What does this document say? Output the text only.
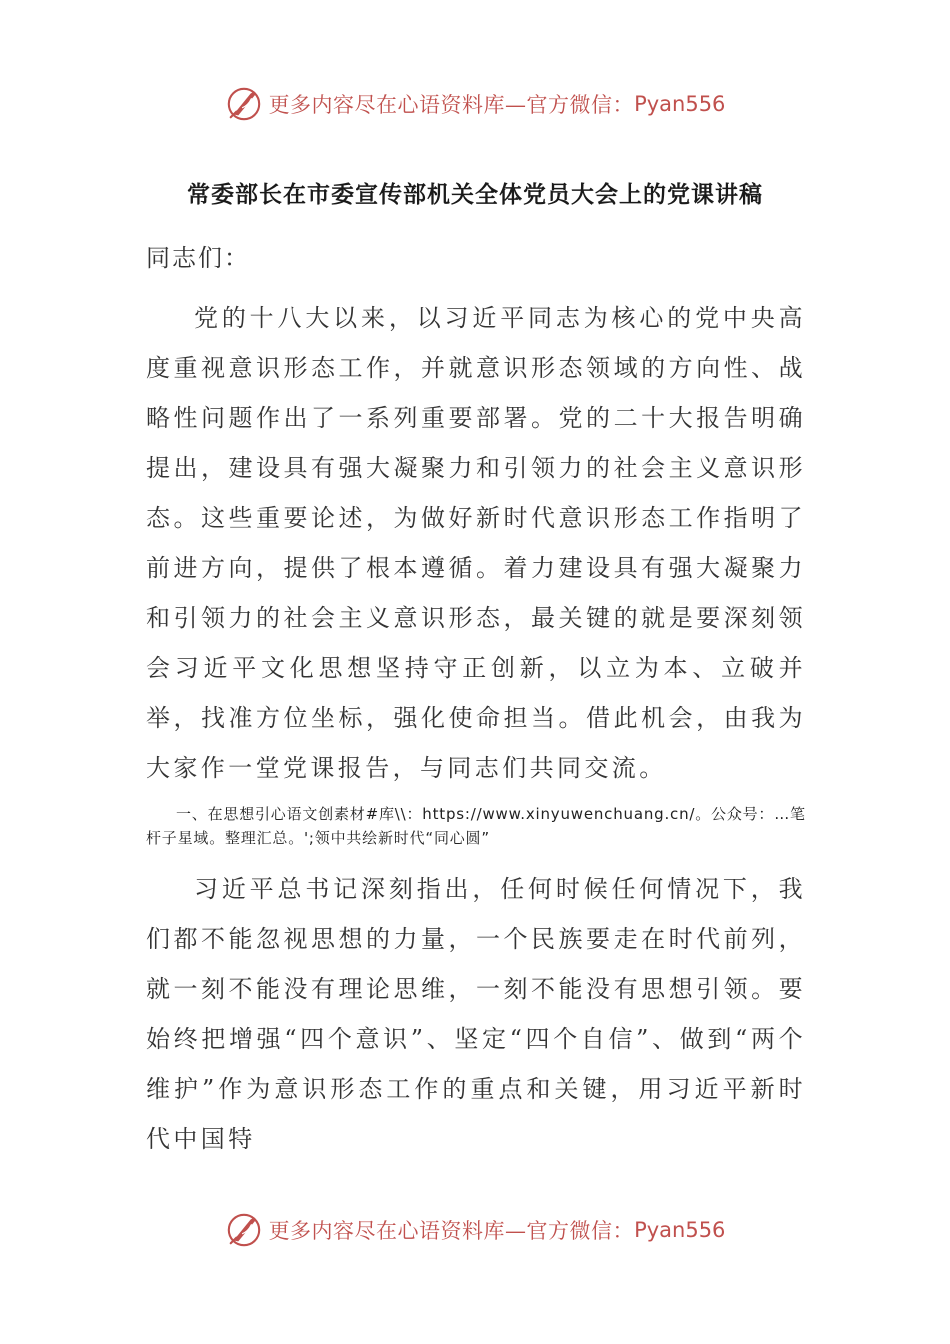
更多内容尽在心语资料库—官方微信： Pyan556
常委部长在市委宣传部机关全体党员大会上的党课讲稿
同志们：

党的十八大以来，以习近平同志为核心的党中央高度重视意识形态工作，并就意识形态领域的方向性、战略性问题作出了一系列重要部署。党的二十大报告明确提出，建设具有强大凝聚力和引领力的社会主义意识形态。这些重要论述，为做好新时代意识形态工作指明了前进方向，提供了根本遵循。着力建设具有强大凝聚力和引领力的社会主义意识形态，最关键的就是要深刻领会习近平文化思想坚持守正创新，以立为本、立破并举，找准方位坐标，强化使命担当。借此机会，由我为大家作一堂党课报告，与同志们共同交流。

一、在思想引心语文创素材#库\\：https://www.xinyuwenchuang.cn/。公众号：…笔杆子星域。整理汇总。';领中共绘新时代“同心圆”

习近平总书记深刻指出，任何时候任何情况下，我们都不能忽视思想的力量，一个民族要走在时代前列，就一刻不能没有理论思维，一刻不能没有思想引领。要始终把增强“四个意识”、坚定“四个自信”、做到“两个维护”作为意识形态工作的重点和关键，用习近平新时代中国特

更多内容尽在心语资料库—官方微信： Pyan556
